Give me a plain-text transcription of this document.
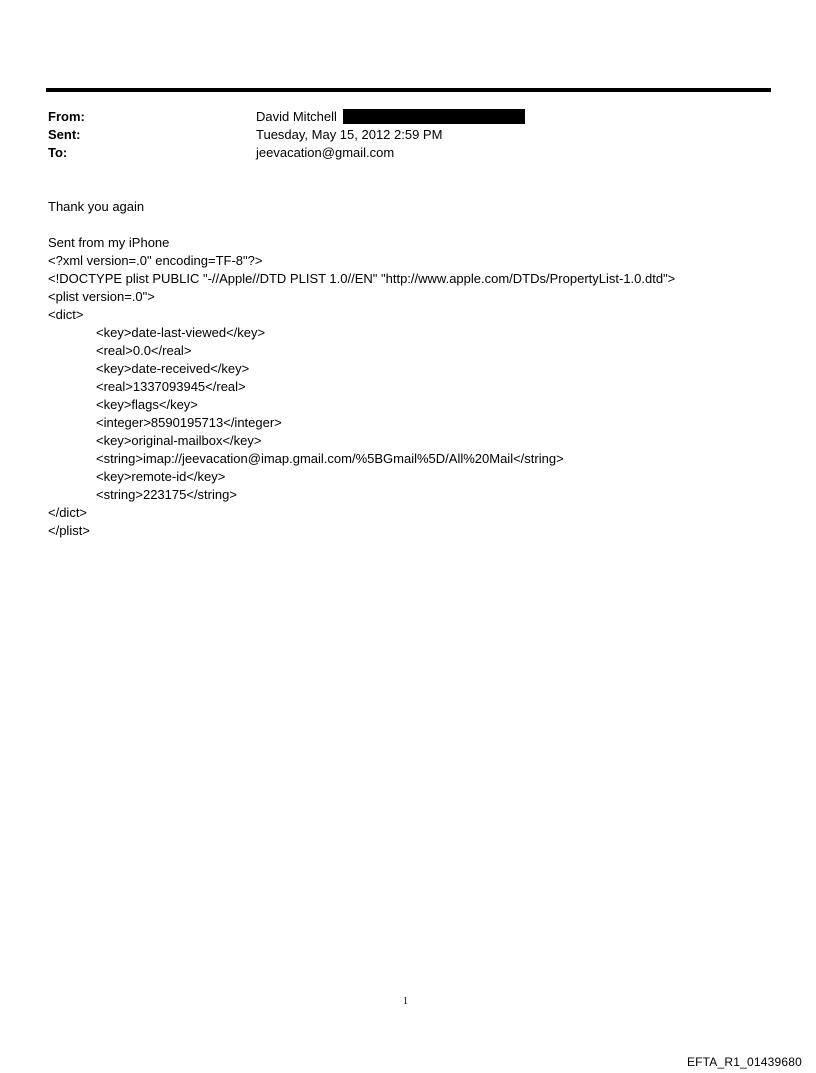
From:	David Mitchell
Sent:	Tuesday, May 15, 2012 2:59 PM
To:	jeevacation@gmail.com
Thank you again
Sent from my iPhone
<?xml version=.0" encoding=TF-8"?>
<!DOCTYPE plist PUBLIC "-//Apple//DTD PLIST 1.0//EN" "http://www.apple.com/DTDs/PropertyList-1.0.dtd">
<plist version=.0">
<dict>
<key>date-last-viewed</key>
<real>0.0</real>
<key>date-received</key>
<real>1337093945</real>
<key>flags</key>
<integer>8590195713</integer>
<key>original-mailbox</key>
<string>imap://jeevacation@imap.gmail.com/%5BGmail%5D/All%20Mail</string>
<key>remote-id</key>
<string>223175</string>
</dict>
</plist>
1
EFTA_R1_01439680
